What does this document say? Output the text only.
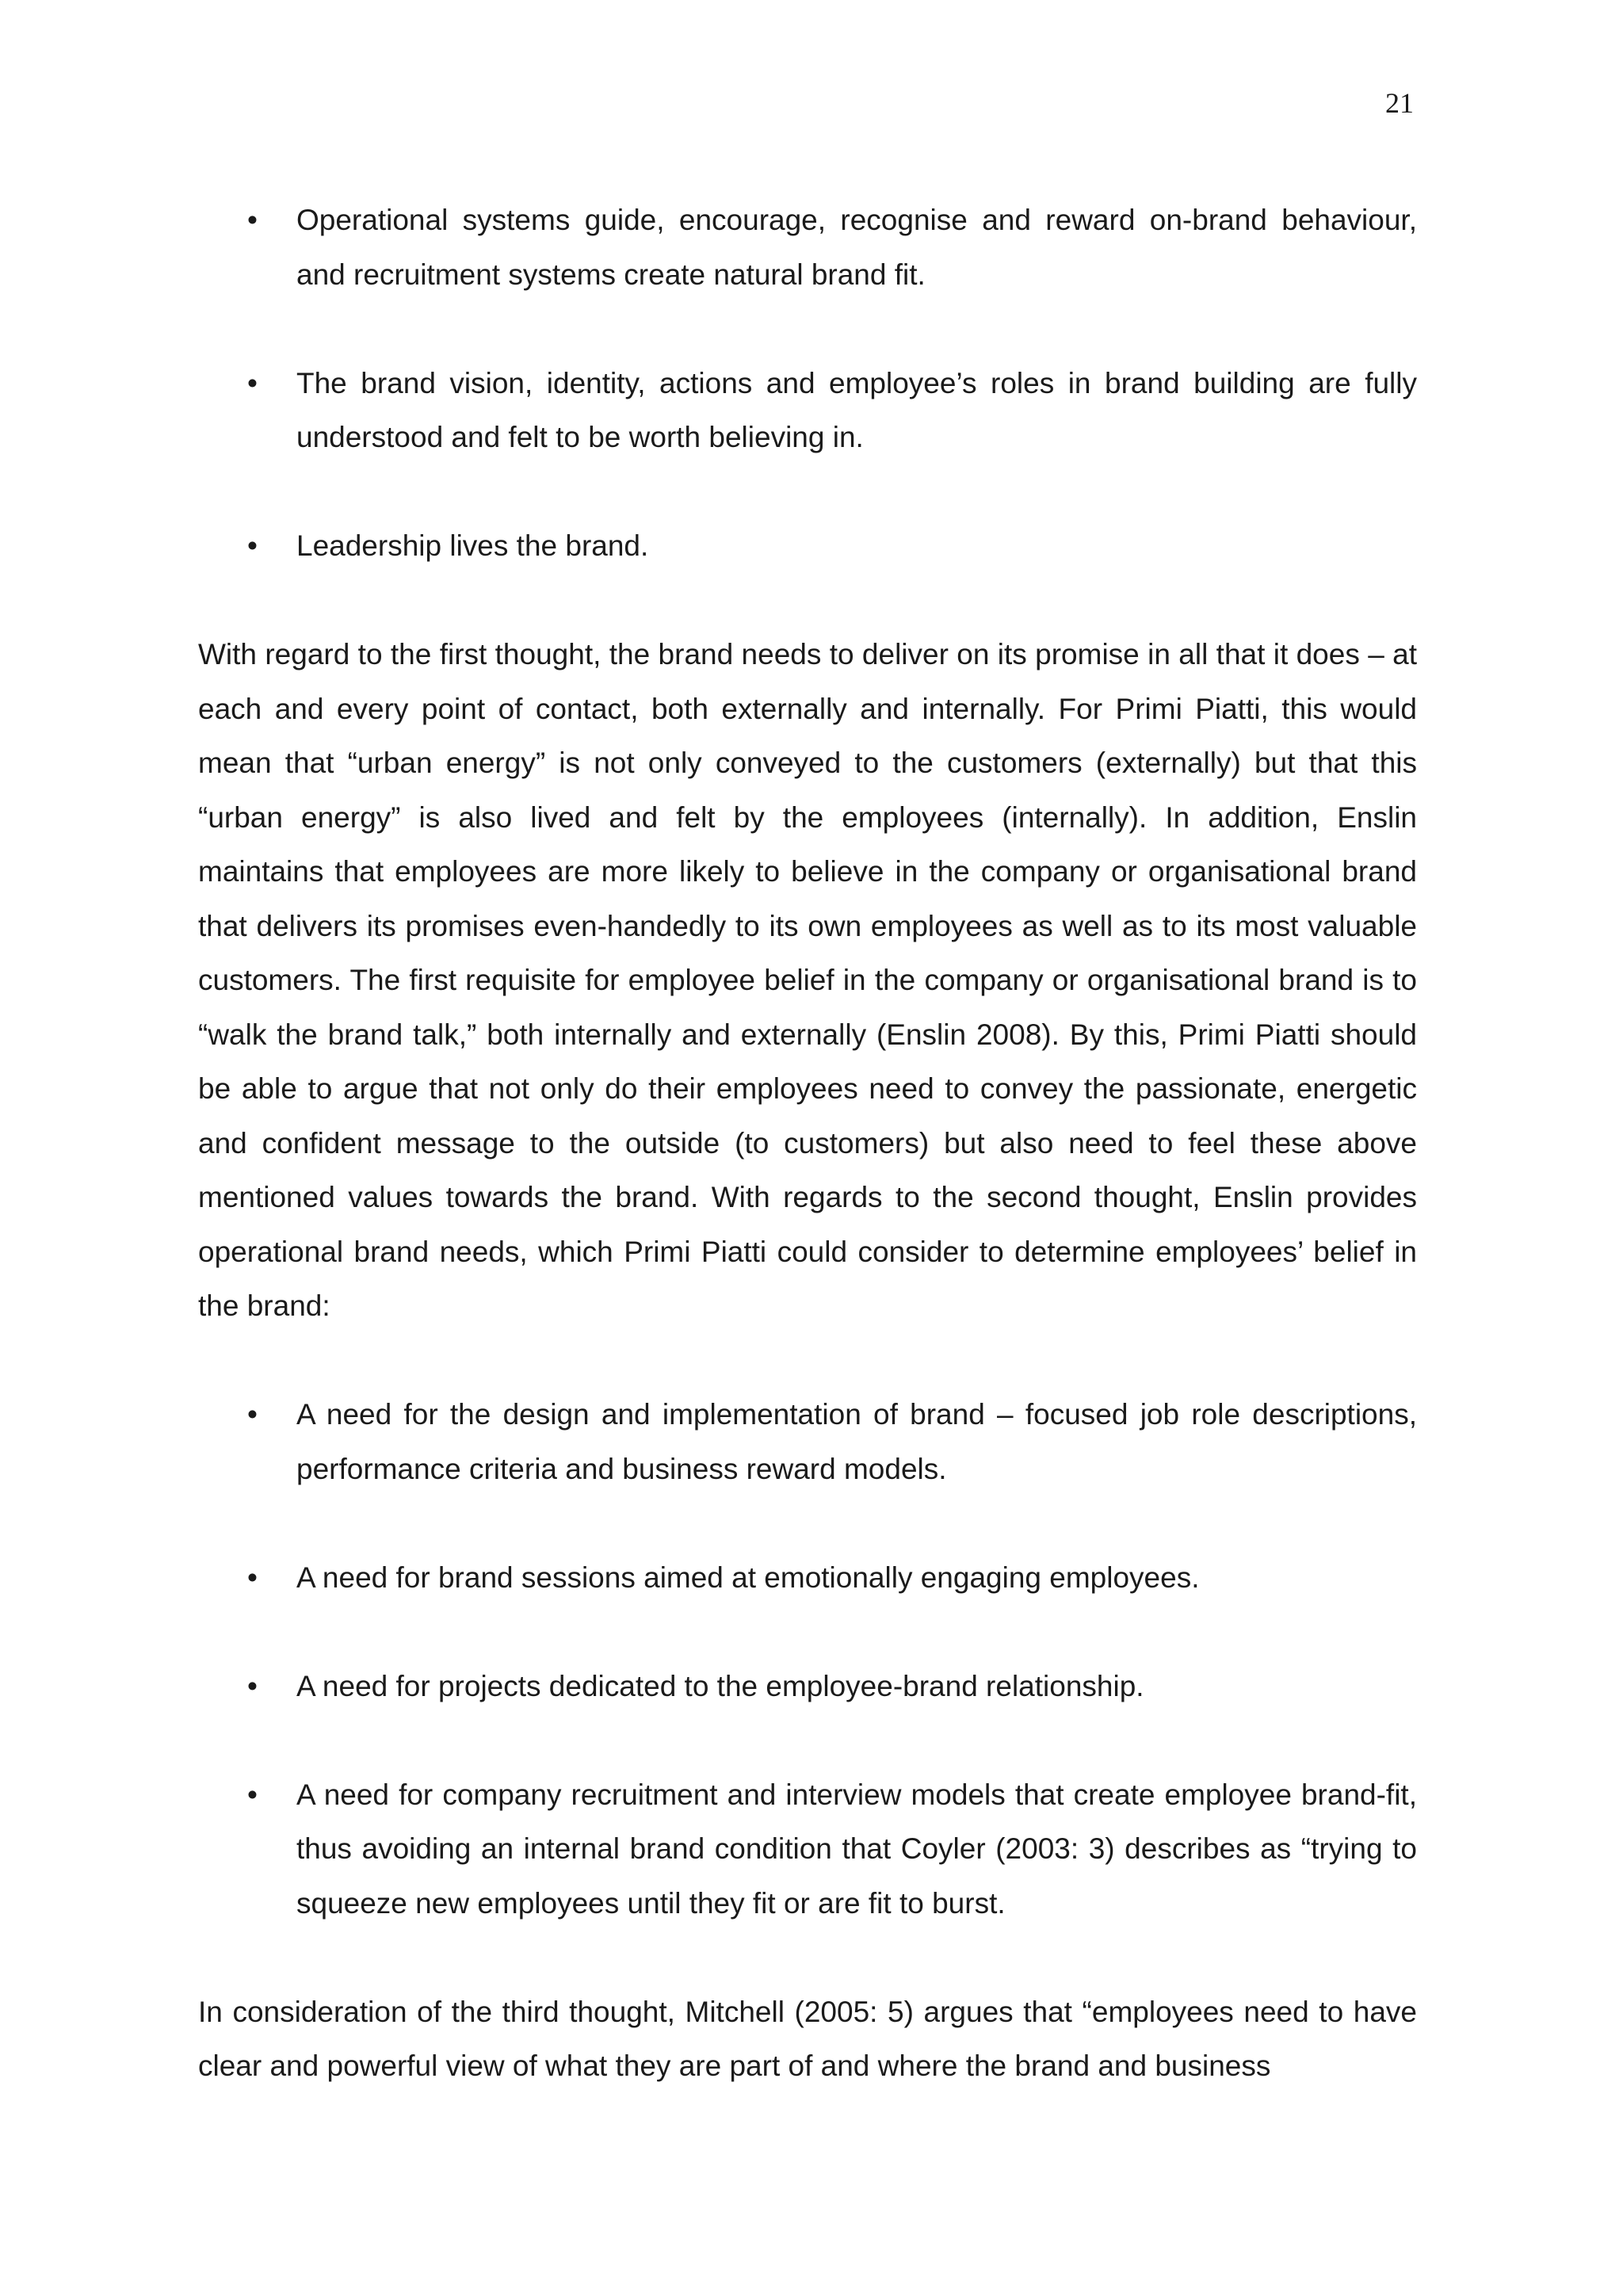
21
• Operational systems guide, encourage, recognise and reward on-brand behaviour, and recruitment systems create natural brand fit.
• The brand vision, identity, actions and employee’s roles in brand building are fully understood and felt to be worth believing in.
• Leadership lives the brand.

With regard to the first thought, the brand needs to deliver on its promise in all that it does – at each and every point of contact, both externally and internally. For Primi Piatti, this would mean that “urban energy” is not only conveyed to the customers (externally) but that this “urban energy” is also lived and felt by the employees (internally). In addition, Enslin maintains that employees are more likely to believe in the company or organisational brand that delivers its promises even-handedly to its own employees as well as to its most valuable customers. The first requisite for employee belief in the company or organisational brand is to “walk the brand talk,” both internally and externally (Enslin 2008). By this, Primi Piatti should be able to argue that not only do their employees need to convey the passionate, energetic and confident message to the outside (to customers) but also need to feel these above mentioned values towards the brand. With regards to the second thought, Enslin provides operational brand needs, which Primi Piatti could consider to determine employees’ belief in the brand:

• A need for the design and implementation of brand – focused job role descriptions, performance criteria and business reward models.
• A need for brand sessions aimed at emotionally engaging employees.
• A need for projects dedicated to the employee-brand relationship.
• A need for company recruitment and interview models that create employee brand-fit, thus avoiding an internal brand condition that Coyler (2003: 3) describes as “trying to squeeze new employees until they fit or are fit to burst.

In consideration of the third thought, Mitchell (2005: 5) argues that “employees need to have clear and powerful view of what they are part of and where the brand and business
